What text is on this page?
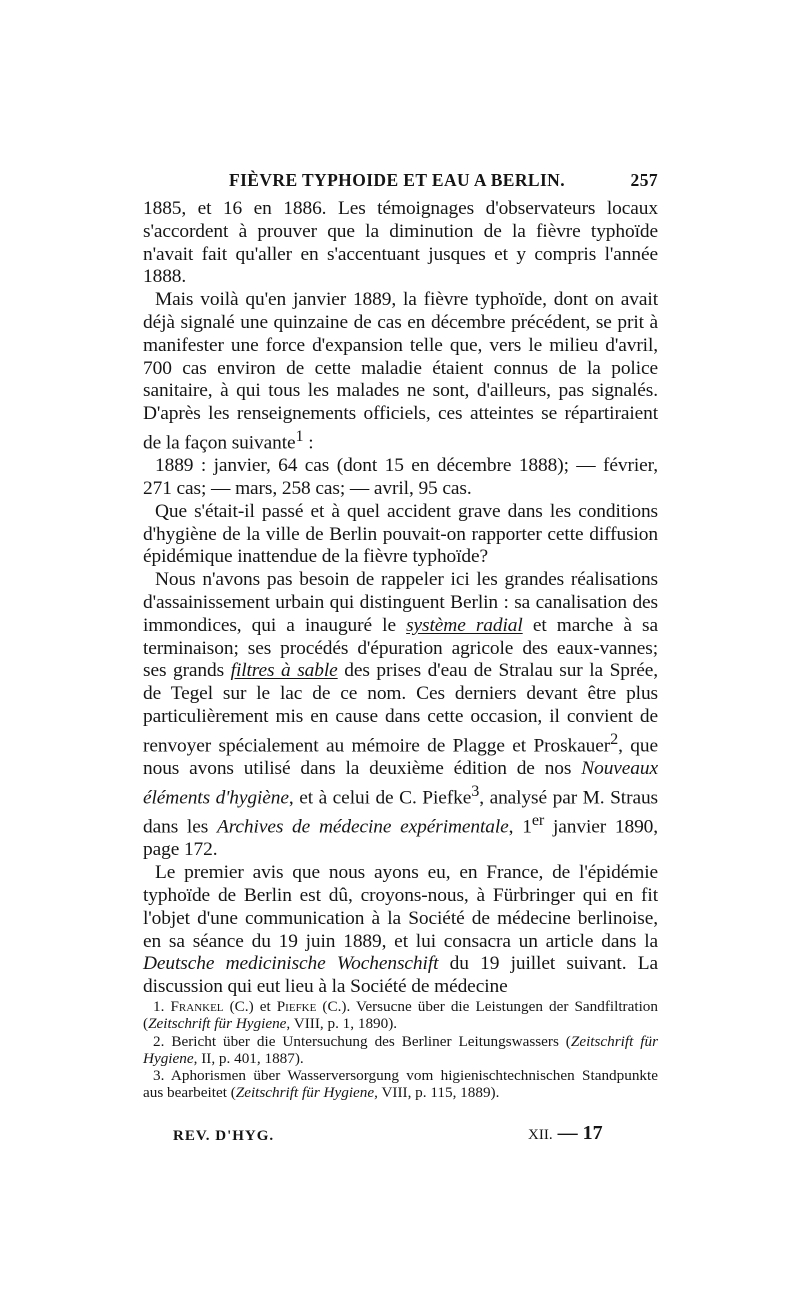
FIÈVRE TYPHOIDE ET EAU A BERLIN.	257

1885, et 16 en 1886. Les témoignages d'observateurs locaux s'accordent à prouver que la diminution de la fièvre typhoïde n'avait fait qu'aller en s'accentuant jusques et y compris l'année 1888.

Mais voilà qu'en janvier 1889, la fièvre typhoïde, dont on avait déjà signalé une quinzaine de cas en décembre précédent, se prit à manifester une force d'expansion telle que, vers le milieu d'avril, 700 cas environ de cette maladie étaient connus de la police sanitaire, à qui tous les malades ne sont, d'ailleurs, pas signalés. D'après les renseignements officiels, ces atteintes se répartiraient de la façon suivante$^1$ :

1889 : janvier, 64 cas (dont 15 en décembre 1888); — février, 271 cas; — mars, 258 cas; — avril, 95 cas.

Que s'était-il passé et à quel accident grave dans les conditions d'hygiène de la ville de Berlin pouvait-on rapporter cette diffusion épidémique inattendue de la fièvre typhoïde?

Nous n'avons pas besoin de rappeler ici les grandes réalisations d'assainissement urbain qui distinguent Berlin : sa canalisation des immondices, qui a inauguré le système radial et marche à sa terminaison; ses procédés d'épuration agricole des eaux-vannes; ses grands filtres à sable des prises d'eau de Stralau sur la Sprée, de Tegel sur le lac de ce nom. Ces derniers devant être plus particulièrement mis en cause dans cette occasion, il convient de renvoyer spécialement au mémoire de Plagge et Proskauer$^2$, que nous avons utilisé dans la deuxième édition de nos Nouveaux éléments d'hygiène, et à celui de C. Piefke$^3$, analysé par M. Straus dans les Archives de médecine expérimentale, 1er janvier 1890, page 172.

Le premier avis que nous ayons eu, en France, de l'épidémie typhoïde de Berlin est dû, croyons-nous, à Fürbringer qui en fit l'objet d'une communication à la Société de médecine berlinoise, en sa séance du 19 juin 1889, et lui consacra un article dans la Deutsche medicinische Wochenschift du 19 juillet suivant. La discussion qui eut lieu à la Société de médecine

1. Frankel (C.) et Piefke (C.). Versucne über die Leistungen der Sandfiltration (Zeitschrift für Hygiene, VIII, p. 1, 1890).

2. Bericht über die Untersuchung des Berliner Leitungswassers (Zeitschrift für Hygiene, II, p. 401, 1887).

3. Aphorismen über Wasserversorgung vom higienischtechnischen Standpunkte aus bearbeitet (Zeitschrift für Hygiene, VIII, p. 115, 1889).

REV. D'HYG.	XII. — 17
